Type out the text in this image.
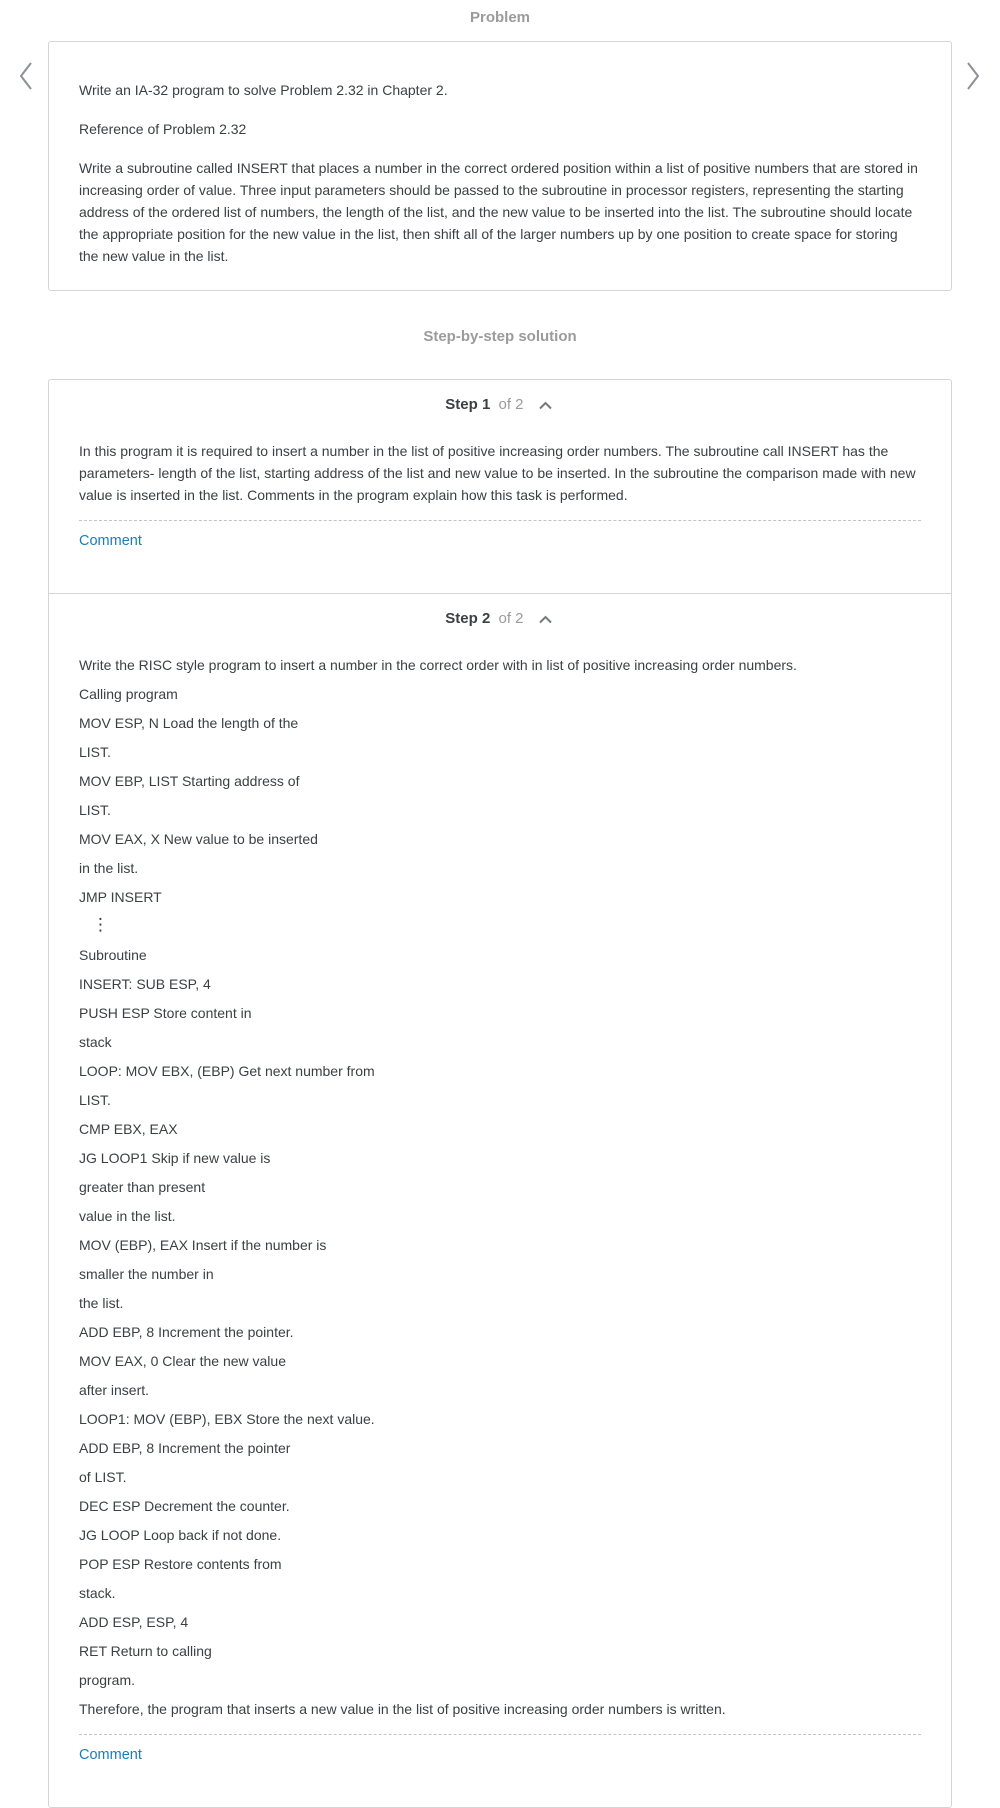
Problem

Write an IA-32 program to solve Problem 2.32 in Chapter 2.

Reference of Problem 2.32

Write a subroutine called INSERT that places a number in the correct ordered position within a list of positive numbers that are stored in increasing order of value. Three input parameters should be passed to the subroutine in processor registers, representing the starting address of the ordered list of numbers, the length of the list, and the new value to be inserted into the list. The subroutine should locate the appropriate position for the new value in the list, then shift all of the larger numbers up by one position to create space for storing the new value in the list.

Step-by-step solution
Step 1 of 2

In this program it is required to insert a number in the list of positive increasing order numbers. The subroutine call INSERT has the parameters- length of the list, starting address of the list and new value to be inserted. In the subroutine the comparison made with new value is inserted in the list. Comments in the program explain how this task is performed.

Comment
Step 2 of 2

Write the RISC style program to insert a number in the correct order with in list of positive increasing order numbers.

Calling program

MOV ESP, N Load the length of the

LIST.

MOV EBP, LIST Starting address of

LIST.

MOV EAX, X New value to be inserted

in the list.

JMP INSERT

⋮

Subroutine

INSERT: SUB ESP, 4

PUSH ESP Store content in

stack

LOOP: MOV EBX, (EBP) Get next number from

LIST.

CMP EBX, EAX

JG LOOP1 Skip if new value is

greater than present

value in the list.

MOV (EBP), EAX Insert if the number is

smaller the number in

the list.

ADD EBP, 8 Increment the pointer.

MOV EAX, 0 Clear the new value

after insert.

LOOP1: MOV (EBP), EBX Store the next value.

ADD EBP, 8 Increment the pointer

of LIST.

DEC ESP Decrement the counter.

JG LOOP Loop back if not done.

POP ESP Restore contents from

stack.

ADD ESP, ESP, 4

RET Return to calling

program.

Therefore, the program that inserts a new value in the list of positive increasing order numbers is written.

Comment
